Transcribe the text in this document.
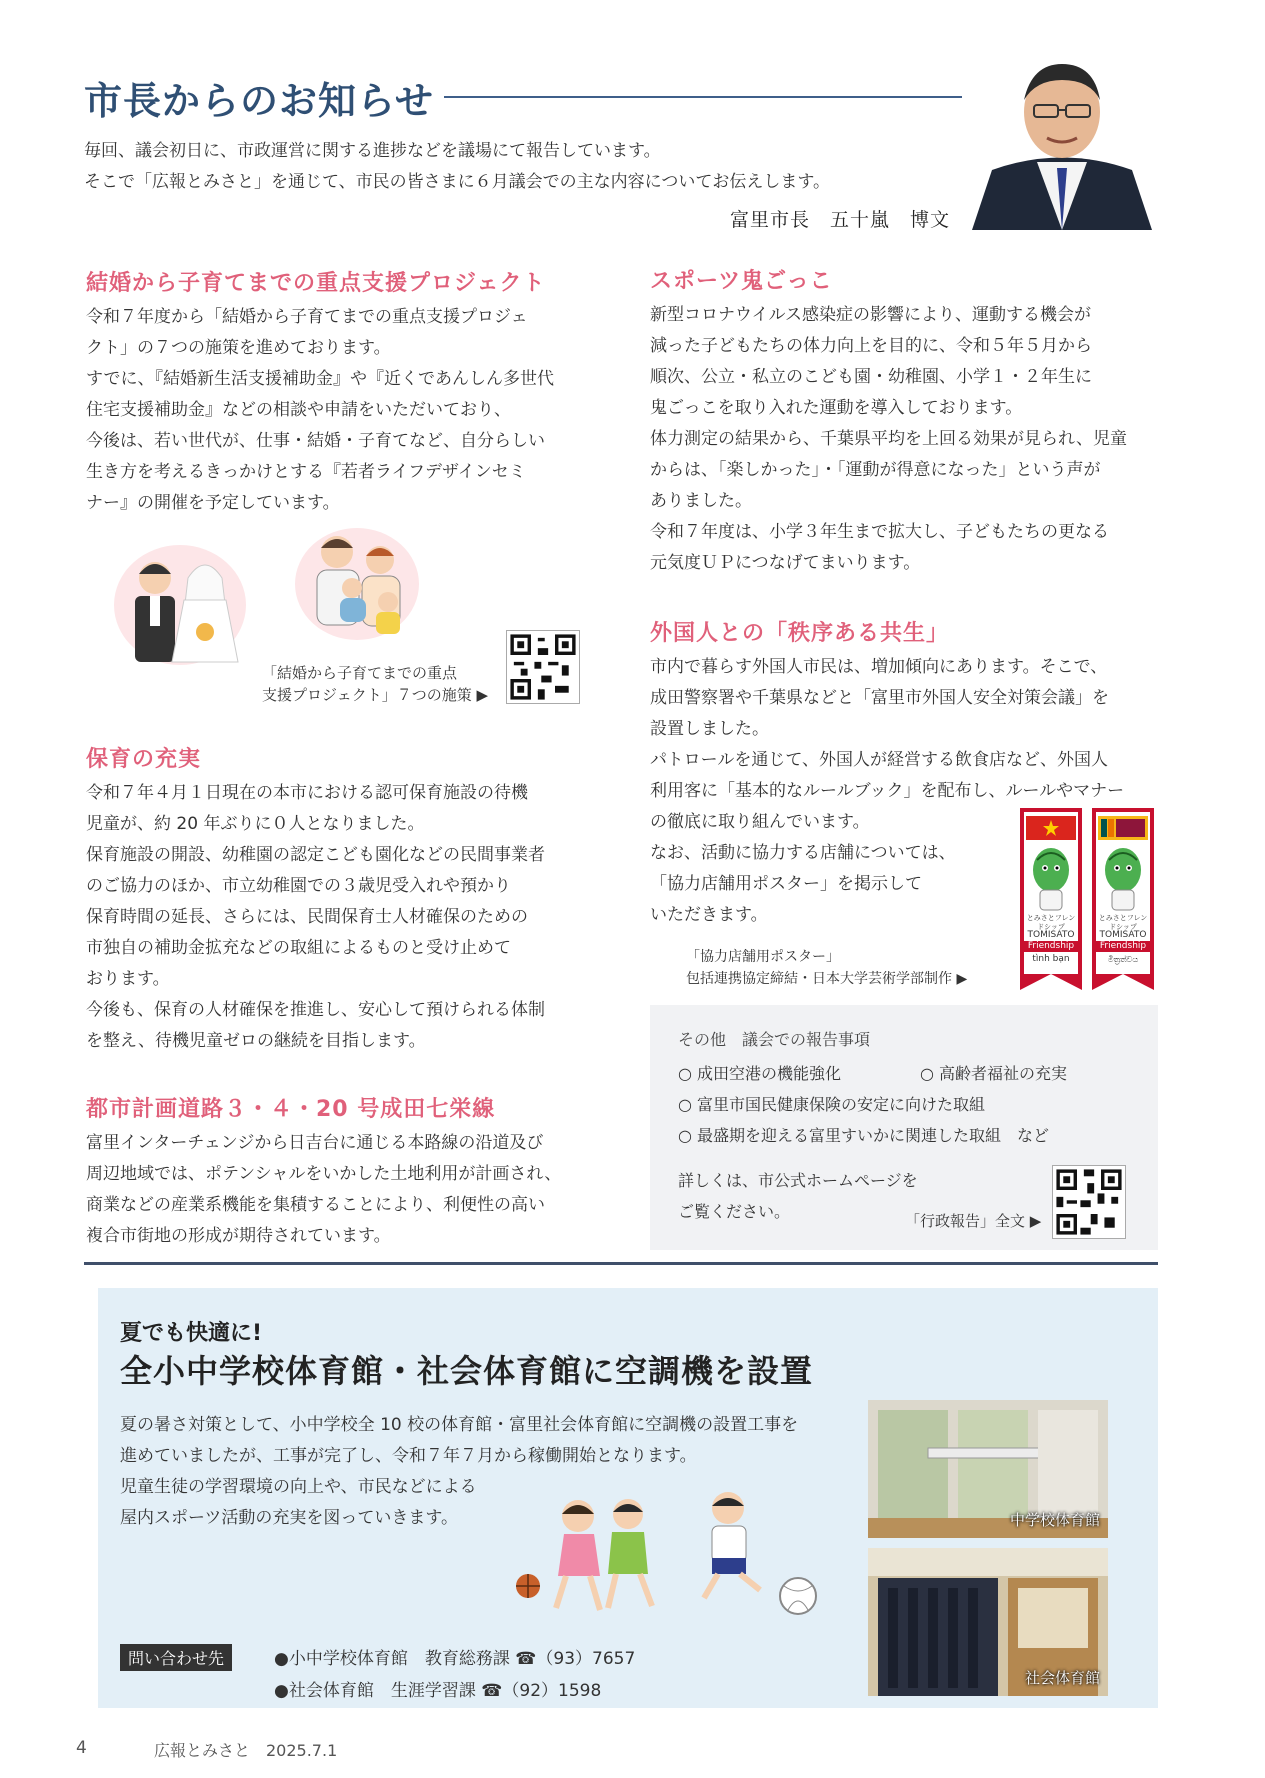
市長からのお知らせ
毎回、議会初日に、市政運営に関する進捗などを議場にて報告しています。
そこで「広報とみさと」を通じて、市民の皆さまに６月議会での主な内容についてお伝えします。
富里市長　五十嵐　博文
結婚から子育てまでの重点支援プロジェクト
令和７年度から「結婚から子育てまでの重点支援プロジェ
クト」の７つの施策を進めております。
すでに、『結婚新生活支援補助金』や『近くであんしん多世代
住宅支援補助金』などの相談や申請をいただいており、
今後は、若い世代が、仕事・結婚・子育てなど、自分らしい
生き方を考えるきっかけとする『若者ライフデザインセミ
ナー』の開催を予定しています。
「結婚から子育てまでの重点
支援プロジェクト」７つの施策 ▶
保育の充実
令和７年４月１日現在の本市における認可保育施設の待機
児童が、約 20 年ぶりに０人となりました。
保育施設の開設、幼稚園の認定こども園化などの民間事業者
のご協力のほか、市立幼稚園での３歳児受入れや預かり
保育時間の延長、さらには、民間保育士人材確保のための
市独自の補助金拡充などの取組によるものと受け止めて
おります。
今後も、保育の人材確保を推進し、安心して預けられる体制
を整え、待機児童ゼロの継続を目指します。
都市計画道路３・４・20 号成田七栄線
富里インターチェンジから日吉台に通じる本路線の沿道及び
周辺地域では、ポテンシャルをいかした土地利用が計画され、
商業などの産業系機能を集積することにより、利便性の高い
複合市街地の形成が期待されています。
スポーツ鬼ごっこ
新型コロナウイルス感染症の影響により、運動する機会が
減った子どもたちの体力向上を目的に、令和５年５月から
順次、公立・私立のこども園・幼稚園、小学１・２年生に
鬼ごっこを取り入れた運動を導入しております。
体力測定の結果から、千葉県平均を上回る効果が見られ、児童
からは、「楽しかった」・「運動が得意になった」という声が
ありました。
令和７年度は、小学３年生まで拡大し、子どもたちの更なる
元気度ＵＰにつなげてまいります。
外国人との「秩序ある共生」
市内で暮らす外国人市民は、増加傾向にあります。そこで、
成田警察署や千葉県などと「富里市外国人安全対策会議」を
設置しました。
パトロールを通じて、外国人が経営する飲食店など、外国人
利用客に「基本的なルールブック」を配布し、ルールやマナー
の徹底に取り組んでいます。
なお、活動に協力する店舗については、
「協力店舗用ポスター」を掲示して
いただきます。
「協力店舗用ポスター」
包括連携協定締結・日本大学芸術学部制作 ▶
とみさとフレンドシップ
TOMISATO
Friendship
tình bạn
とみさとフレンドシップ
TOMISATO
Friendship
මිත්‍රත්වය
その他　議会での報告事項
○ 成田空港の機能強化	○ 高齢者福祉の充実
○ 富里市国民健康保険の安定に向けた取組
○ 最盛期を迎える富里すいかに関連した取組　など
詳しくは、市公式ホームページを
ご覧ください。	「行政報告」全文 ▶
夏でも快適に!
全小中学校体育館・社会体育館に空調機を設置
夏の暑さ対策として、小中学校全 10 校の体育館・富里社会体育館に空調機の設置工事を
進めていましたが、工事が完了し、令和７年７月から稼働開始となります。
児童生徒の学習環境の向上や、市民などによる
屋内スポーツ活動の充実を図っていきます。	中学校体育館
社会体育館
問い合わせ先	●小中学校体育館　教育総務課 ☎（93）7657
●社会体育館　生涯学習課 ☎（92）1598
4	広報とみさと　2025.7.1
